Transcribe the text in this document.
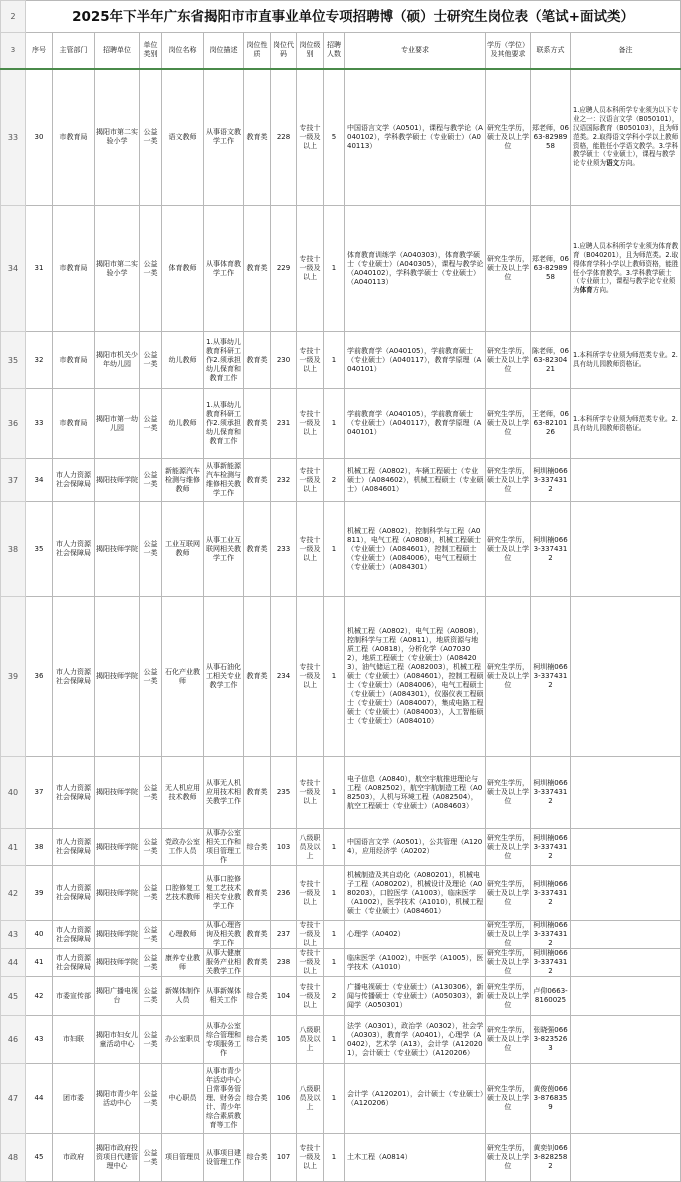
2	2025年下半年广东省揭阳市市直事业单位专项招聘博（硕）士研究生岗位表（笔试+面试类）													
3	序号	主管部门	招聘单位	单位类别	岗位名称	岗位描述	岗位性质	岗位代码	岗位级别	招聘人数	专业要求	学历（学位）及其他要求	联系方式	备注
33	30	市教育局	揭阳市第二实验小学	公益一类	语文教师	从事语文教学工作	教育类	228	专技十一级及以上	5	中国语言文学（A0501），课程与教学论（A040102），学科教学硕士（专业硕士）（A040113）	研究生学历，硕士及以上学位	郑老师，0663-8298958	1.应聘人员本科所学专业须为以下专业之一：汉语言文学（B050101），汉语国际教育（B050103），且为师范类。2.取得语文学科小学以上教师资格，能胜任小学语文教学。3.学科教学硕士（专业硕士），课程与教学论专业须为语文方向。
34	31	市教育局	揭阳市第二实验小学	公益一类	体育教师	从事体育教学工作	教育类	229	专技十一级及以上	1	体育教育训练学（A040303），体育教学硕士（专业硕士）（A040305），课程与教学论（A040102），学科教学硕士（专业硕士）（A040113）	研究生学历，硕士及以上学位	郑老师，0663-8298958	1.应聘人员本科所学专业须为体育教育（B040201），且为师范类。2.取得体育学科小学以上教师资格，能胜任小学体育教学。3.学科教学硕士（专业硕士），课程与教学论专业须为体育方向。
35	32	市教育局	揭阳市机关少年幼儿园	公益一类	幼儿教师	1.从事幼儿教育科研工作2.须承担幼儿保育和教育工作	教育类	230	专技十一级及以上	1	学前教育学（A040105），学前教育硕士（专业硕士）（A040117），教育学原理（A040101）	研究生学历，硕士及以上学位	陈老师，0663-8230421	1.本科所学专业须为师范类专业。2.具有幼儿园教师资格证。
36	33	市教育局	揭阳市第一幼儿园	公益一类	幼儿教师	1.从事幼儿教育科研工作2.须承担幼儿保育和教育工作	教育类	231	专技十一级及以上	1	学前教育学（A040105），学前教育硕士（专业硕士）（A040117），教育学原理（A040101）	研究生学历，硕士及以上学位	王老师，0663-8210126	1.本科所学专业须为师范类专业。2.具有幼儿园教师资格证。
37	34	市人力资源社会保障局	揭阳技师学院	公益一类	新能源汽车检测与维修教师	从事新能源汽车检测与维修相关教学工作	教育类	232	专技十一级及以上	2	机械工程（A0802），车辆工程硕士（专业硕士）（A084602），机械工程硕士（专业硕士）（A084601）	研究生学历，硕士及以上学位	柯圳楠0663-3374312	
38	35	市人力资源社会保障局	揭阳技师学院	公益一类	工业互联网教师	从事工业互联网相关教学工作	教育类	233	专技十一级及以上	1	机械工程（A0802），控制科学与工程（A0811），电气工程（A0808），机械工程硕士（专业硕士）（A084601），控制工程硕士（专业硕士）（A084006），电气工程硕士（专业硕士）（A084301）	研究生学历，硕士及以上学位	柯圳楠0663-3374312	
39	36	市人力资源社会保障局	揭阳技师学院	公益一类	石化产业教师	从事石油化工相关专业教学工作	教育类	234	专技十一级及以上	1	机械工程（A0802），电气工程（A0808），控制科学与工程（A0811），地质资源与地质工程（A0818），分析化学（A070302），地质工程硕士（专业硕士）（A084203），油气储运工程（A082003），机械工程硕士（专业硕士）（A084601），控制工程硕士（专业硕士）（A084006），电气工程硕士（专业硕士）（A084301），仪器仪表工程硕士（专业硕士）（A084007），集成电路工程硕士（专业硕士）（A084003），人工智能硕士（专业硕士）（A084010）	研究生学历，硕士及以上学位	柯圳楠0663-3374312	
40	37	市人力资源社会保障局	揭阳技师学院	公益一类	无人机应用技术教师	从事无人机应用技术相关教学工作	教育类	235	专技十一级及以上	1	电子信息（A0840），航空宇航推进理论与工程（A082502），航空宇航制造工程（A082503），人机与环境工程（A082504），航空工程硕士（专业硕士）（A084603）	研究生学历，硕士及以上学位	柯圳楠0663-3374312	
41	38	市人力资源社会保障局	揭阳技师学院	公益一类	党政办公室工作人员	从事办公室相关工作和项目管理工作	综合类	103	八级职员及以上	1	中国语言文学（A0501），公共管理（A1204），应用经济学（A0202）	研究生学历，硕士及以上学位	柯圳楠0663-3374312	
42	39	市人力资源社会保障局	揭阳技师学院	公益一类	口腔修复工艺技术教师	从事口腔修复工艺技术相关专业教学工作	教育类	236	专技十一级及以上	1	机械制造及其自动化（A080201），机械电子工程（A080202），机械设计及理论（A080203），口腔医学（A1003），临床医学（A1002），医学技术（A1010），机械工程硕士（专业硕士）（A084601）	研究生学历，硕士及以上学位	柯圳楠0663-3374312	
43	40	市人力资源社会保障局	揭阳技师学院	公益一类	心理教师	从事心理咨询及相关教学工作	教育类	237	专技十一级及以上	1	心理学（A0402）	研究生学历，硕士及以上学位	柯圳楠0663-3374312	
44	41	市人力资源社会保障局	揭阳技师学院	公益一类	康养专业教师	从事大健康服务产业相关教学工作	教育类	238	专技十一级及以上	1	临床医学（A1002），中医学（A1005），医学技术（A1010）	研究生学历，硕士及以上学位	柯圳楠0663-3374312	
45	42	市委宣传部	揭阳广播电视台	公益二类	新媒体制作人员	从事新媒体相关工作	综合类	104	专技十一级及以上	2	广播电视硕士（专业硕士）（A130306），新闻与传播硕士（专业硕士）（A050303），新闻学（A050301）	研究生学历，硕士及以上学位	卢仰0663-8160025	
46	43	市妇联	揭阳市妇女儿童活动中心	公益一类	办公室职员	从事办公室综合管理和专项服务工作	综合类	105	八级职员及以上	1	法学（A0301），政治学（A0302），社会学（A0303），教育学（A0401），心理学（A0402），艺术学（A13），会计学（A120201），会计硕士（专业硕士）（A120206）	研究生学历，硕士及以上学位	张晓强0663-8235263	
47	44	团市委	揭阳市青少年活动中心	公益一类	中心职员	从事市青少年活动中心日常事务管理、财务会计、青少年综合素质教育等工作	综合类	106	八级职员及以上	1	会计学（A120201），会计硕士（专业硕士）（A120206）	研究生学历，硕士及以上学位	黄俊茵0663-8768359	
48	45	市政府	揭阳市政府投资项目代建管理中心	公益一类	项目管理员	从事项目建设管理工作	综合类	107	专技十一级及以上	1	土木工程（A0814）	研究生学历，硕士及以上学位	黄奕钊0663-8282582	
